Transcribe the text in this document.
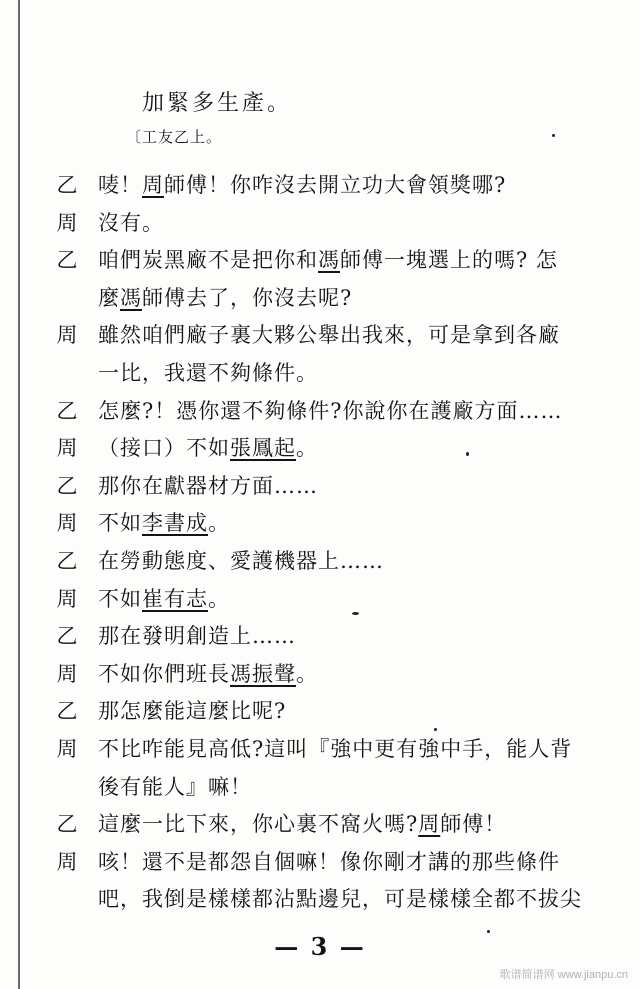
加緊多生產。
〔工友乙上。
乙 唛！周師傅！你咋沒去開立功大會領獎哪?
周 沒有。
乙 咱們炭黑廠不是把你和馮師傅一塊選上的嗎? 怎
麼馮師傅去了，你沒去呢?
周 雖然咱們廠子裏大夥公舉出我來，可是拿到各廠
一比，我還不夠條件。
乙 怎麼?！憑你還不夠條件?你說你在護廠方面……
周 （接口）不如張鳳起。
乙 那你在獻器材方面……
周 不如李書成。
乙 在勞動態度、愛護機器上……
周 不如崔有志。
乙 那在發明創造上……
周 不如你們班長馮振聲。
乙 那怎麼能這麼比呢?
周 不比咋能見高低?這叫『強中更有強中手，能人背
後有能人』嘛！
乙 這麼一比下來，你心裏不窩火嗎?周師傅！
周 咳！還不是都怨自個嘛！像你剛才講的那些條件
吧，我倒是樣樣都沾點邊兒，可是樣樣全都不拔尖
— 3 —
歌谱简谱网 www.jianpu.cn
